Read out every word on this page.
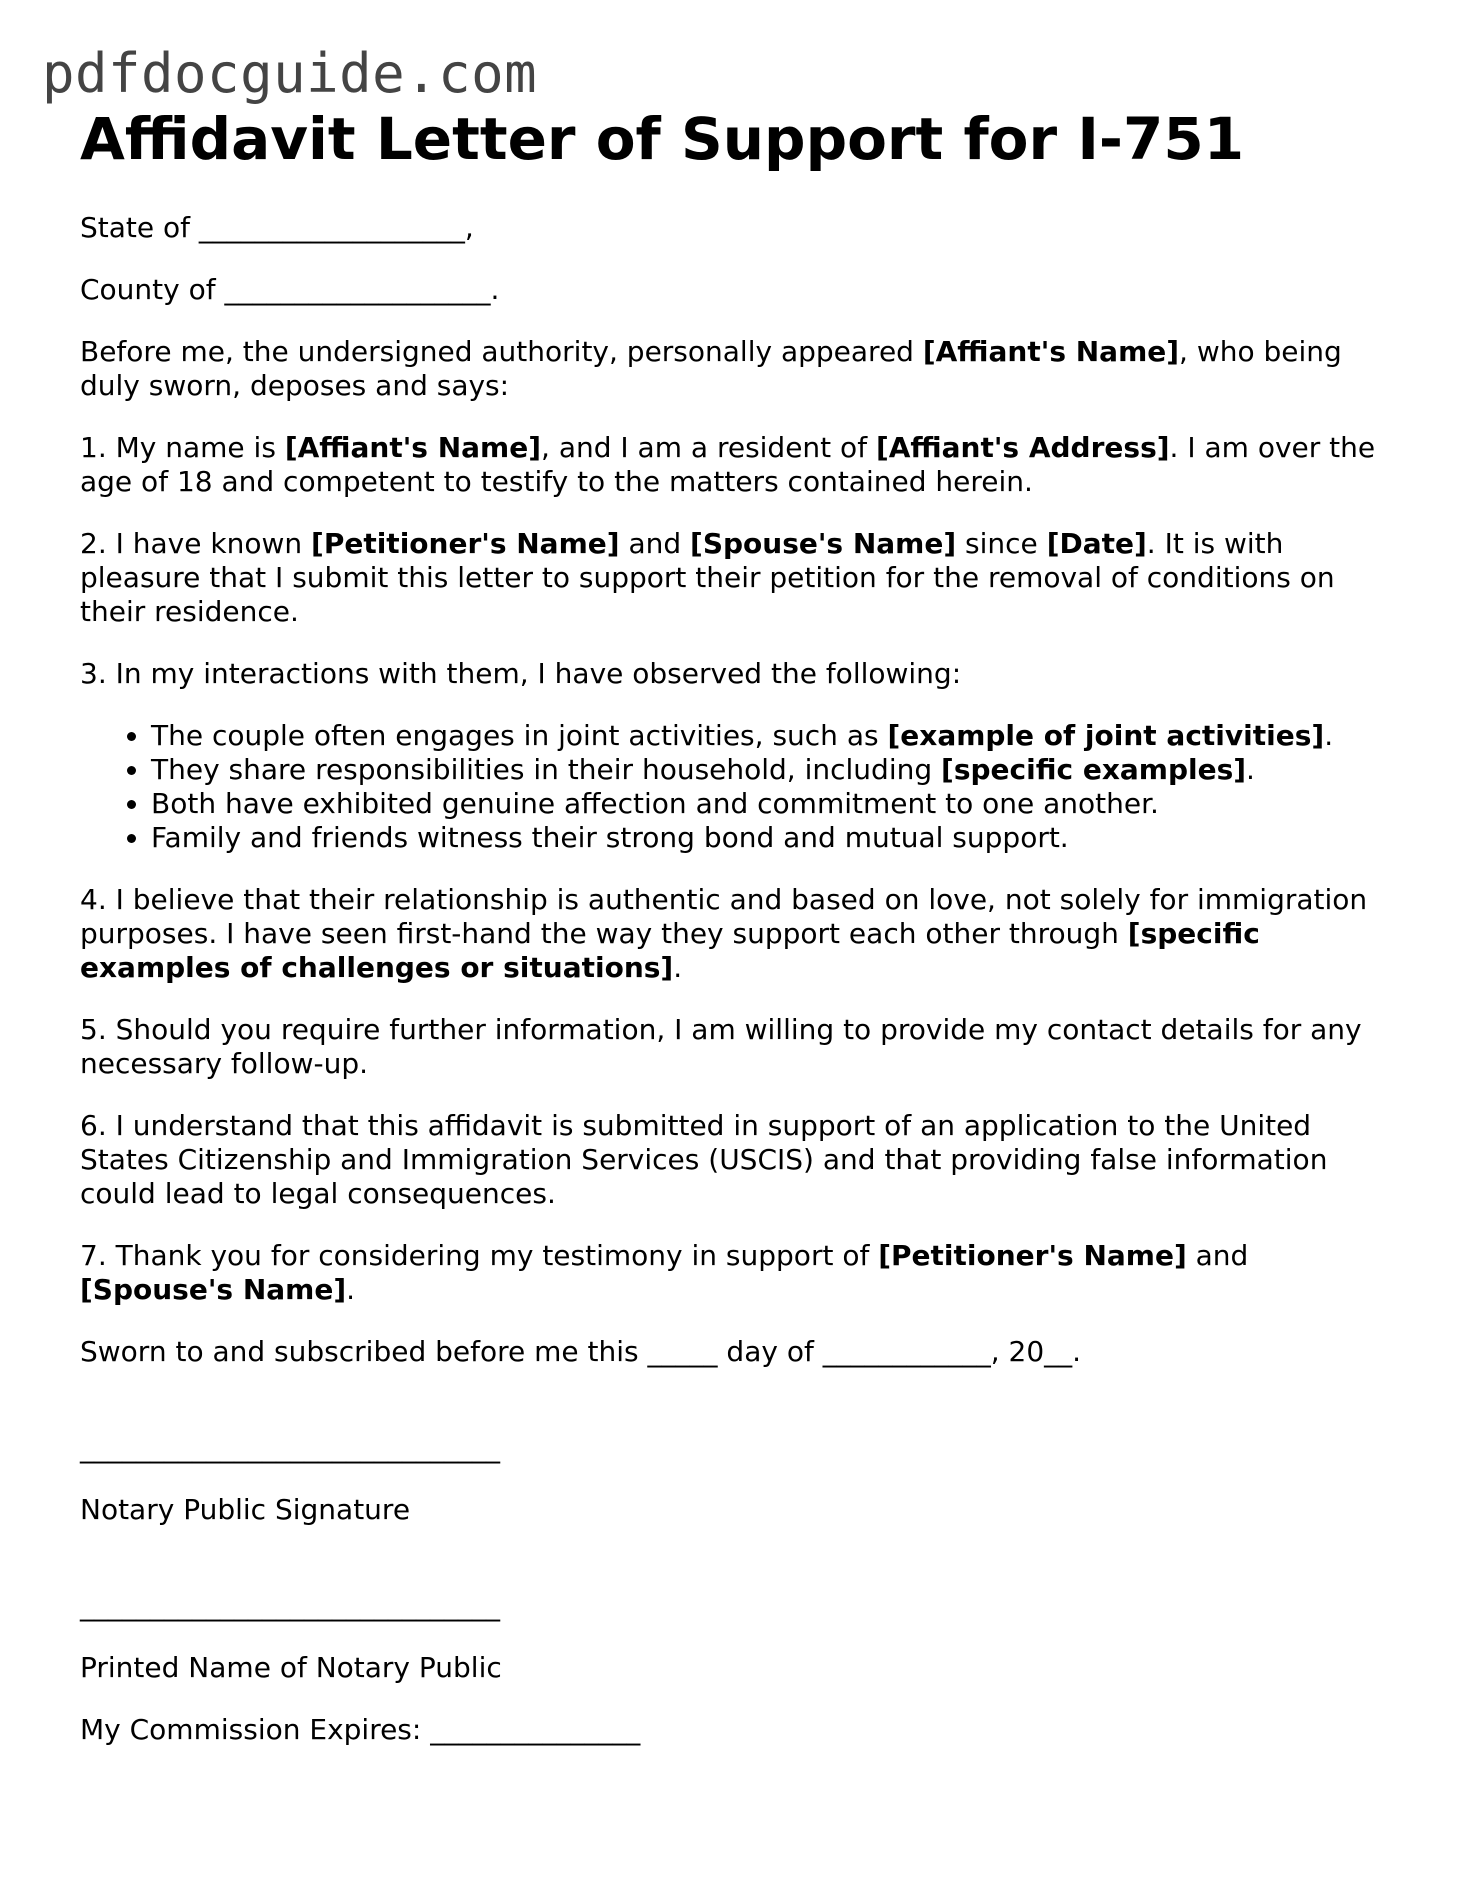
pdfdocguide.com
Affidavit Letter of Support for I-751

State of ___________________,

County of ___________________.

Before me, the undersigned authority, personally appeared [Affiant's Name], who being duly sworn, deposes and says:

1. My name is [Affiant's Name], and I am a resident of [Affiant's Address]. I am over the age of 18 and competent to testify to the matters contained herein.

2. I have known [Petitioner's Name] and [Spouse's Name] since [Date]. It is with pleasure that I submit this letter to support their petition for the removal of conditions on their residence.

3. In my interactions with them, I have observed the following:

• The couple often engages in joint activities, such as [example of joint activities].
• They share responsibilities in their household, including [specific examples].
• Both have exhibited genuine affection and commitment to one another.
• Family and friends witness their strong bond and mutual support.

4. I believe that their relationship is authentic and based on love, not solely for immigration purposes. I have seen first-hand the way they support each other through [specific examples of challenges or situations].

5. Should you require further information, I am willing to provide my contact details for any necessary follow-up.

6. I understand that this affidavit is submitted in support of an application to the United States Citizenship and Immigration Services (USCIS) and that providing false information could lead to legal consequences.

7. Thank you for considering my testimony in support of [Petitioner's Name] and [Spouse's Name].

Sworn to and subscribed before me this _____ day of ____________, 20__.

______________________________

Notary Public Signature

______________________________

Printed Name of Notary Public

My Commission Expires: _______________
